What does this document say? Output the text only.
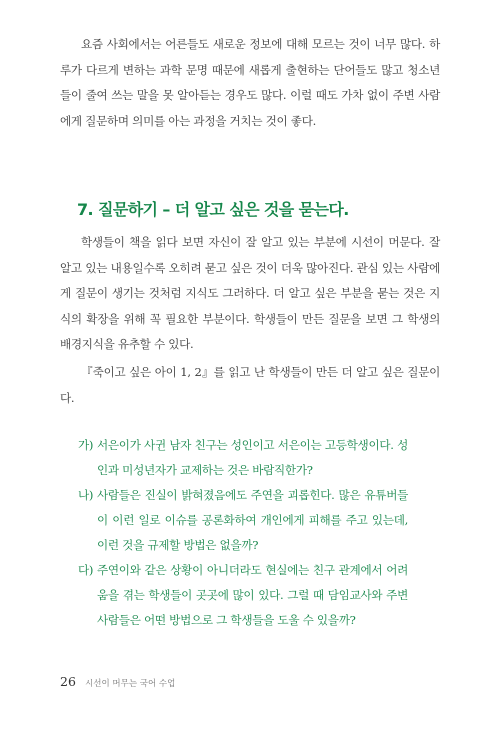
요즘 사회에서는 어른들도 새로운 정보에 대해 모르는 것이 너무 많다. 하루가 다르게 변하는 과학 문명 때문에 새롭게 출현하는 단어들도 많고 청소년들이 줄여 쓰는 말을 못 알아듣는 경우도 많다. 이럴 때도 가차 없이 주변 사람에게 질문하며 의미를 아는 과정을 거치는 것이 좋다.

7. 질문하기 – 더 알고 싶은 것을 묻는다.

학생들이 책을 읽다 보면 자신이 잘 알고 있는 부분에 시선이 머문다. 잘 알고 있는 내용일수록 오히려 묻고 싶은 것이 더욱 많아진다. 관심 있는 사람에게 질문이 생기는 것처럼 지식도 그러하다. 더 알고 싶은 부분을 묻는 것은 지식의 확장을 위해 꼭 필요한 부분이다. 학생들이 만든 질문을 보면 그 학생의 배경지식을 유추할 수 있다.

『죽이고 싶은 아이 1, 2』를 읽고 난 학생들이 만든 더 알고 싶은 질문이다.

가) 서은이가 사귄 남자 친구는 성인이고 서은이는 고등학생이다. 성인과 미성년자가 교제하는 것은 바람직한가?
나) 사람들은 진실이 밝혀졌음에도 주연을 괴롭힌다. 많은 유튜버들이 이런 일로 이슈를 공론화하여 개인에게 피해를 주고 있는데, 이런 것을 규제할 방법은 없을까?
다) 주연이와 같은 상황이 아니더라도 현실에는 친구 관계에서 어려움을 겪는 학생들이 곳곳에 많이 있다. 그럴 때 담임교사와 주변 사람들은 어떤 방법으로 그 학생들을 도울 수 있을까?
26 시선이 머무는 국어 수업
